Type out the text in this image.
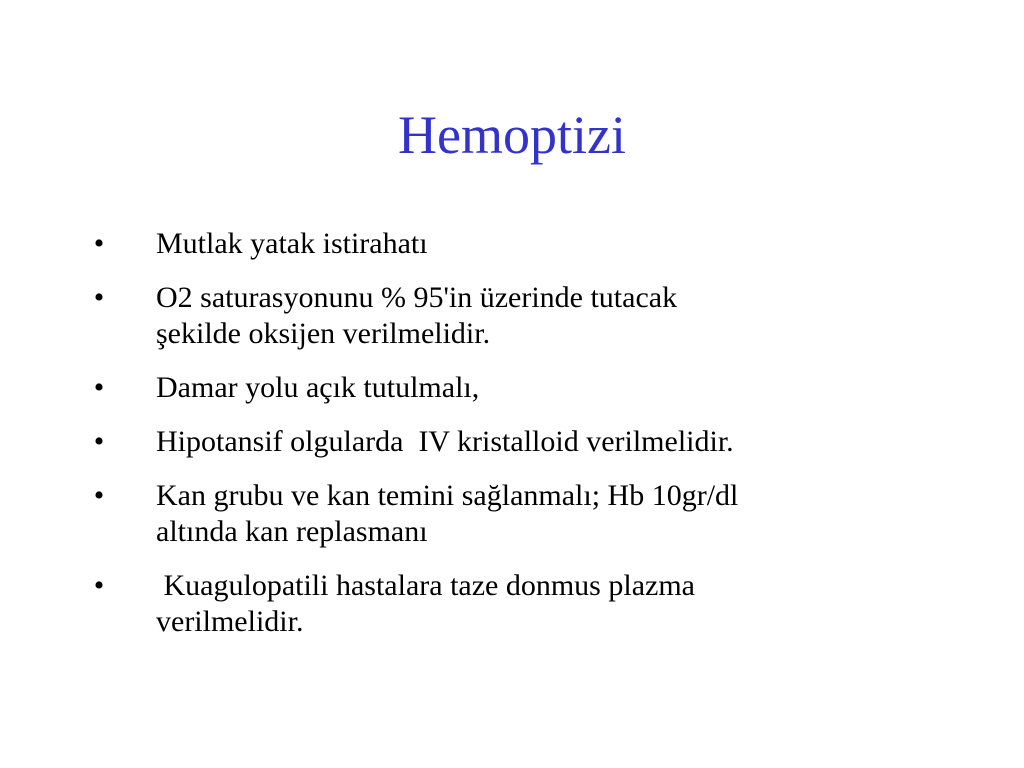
Hemoptizi
•	Mutlak yatak istirahatı
•	O2 saturasyonunu % 95'in üzerinde tutacak
şekilde oksijen verilmelidir.
•	Damar yolu açık tutulmalı,
•	Hipotansif olgularda  IV kristalloid verilmelidir.
•	Kan grubu ve kan temini sağlanmalı; Hb 10gr/dl
altında kan replasmanı
•	Kuagulopatili hastalara taze donmus plazma
verilmelidir.
